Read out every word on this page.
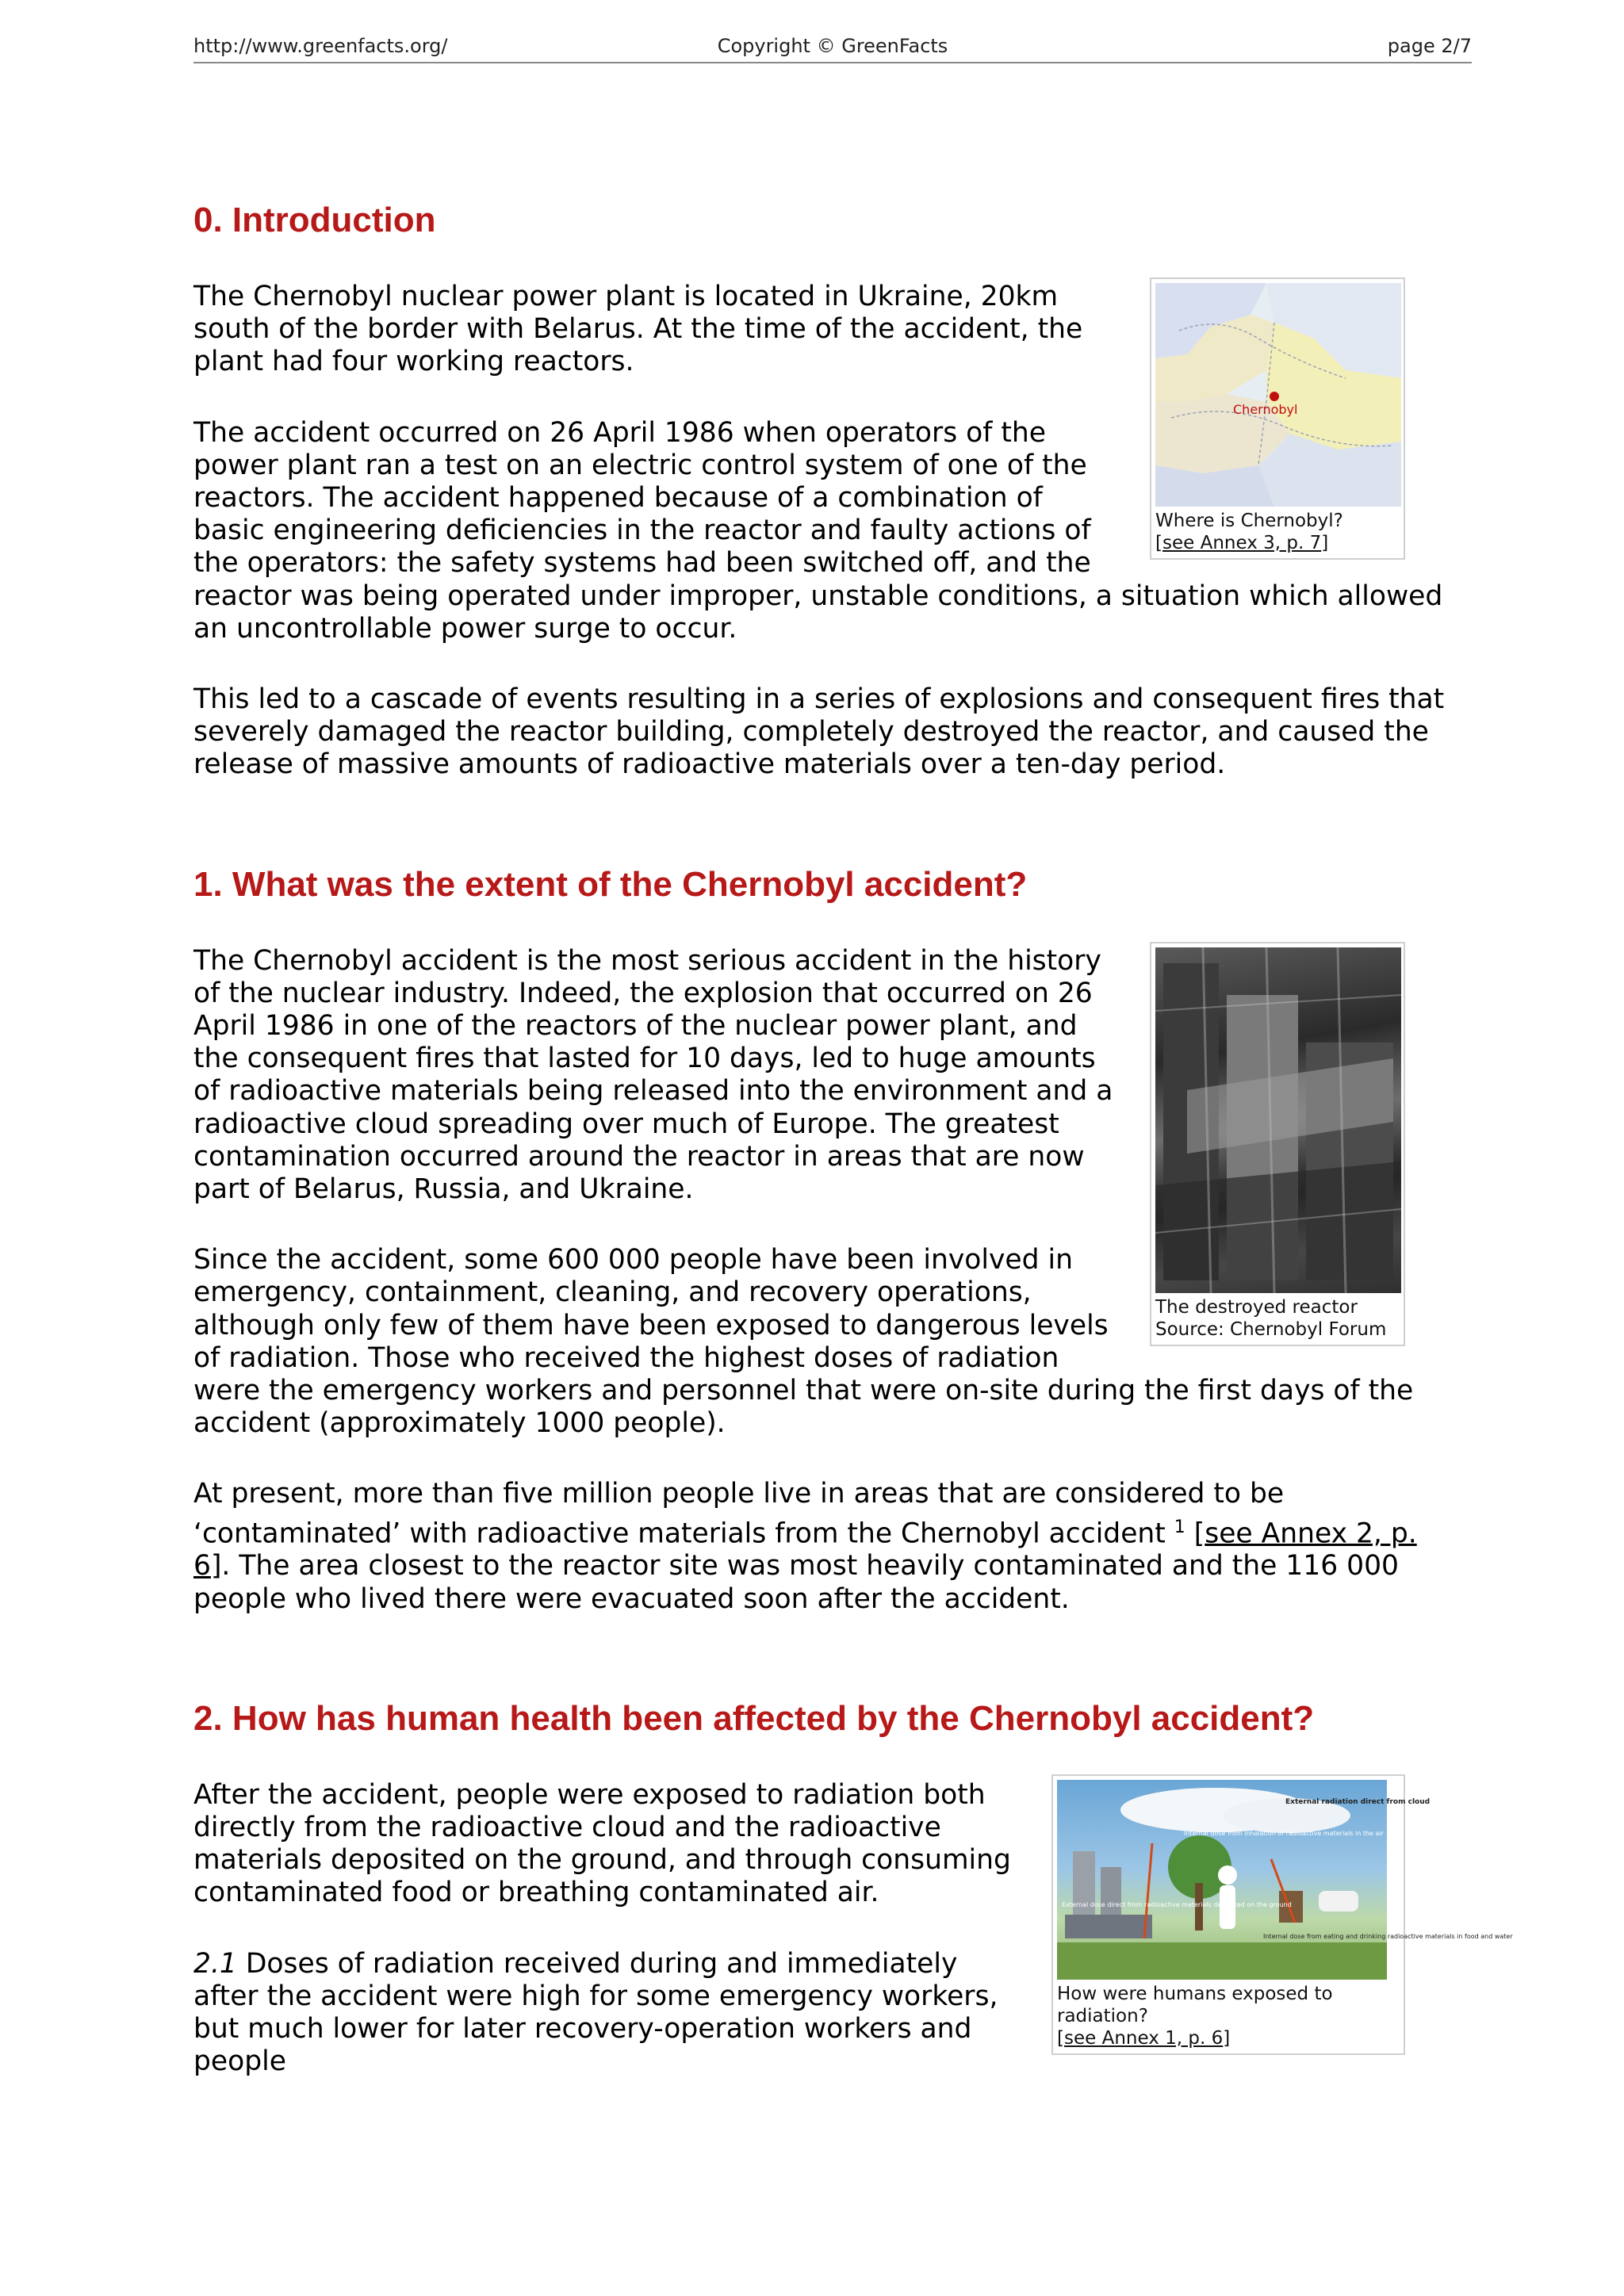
Copyright © GreenFacts
http://www.greenfacts.org/	page 2/7
0. Introduction
Chernobyl
Where is Chernobyl?
[see Annex 3, p. 7]

The Chernobyl nuclear power plant is located in Ukraine, 20km south of the border with Belarus. At the time of the accident, the plant had four working reactors.

The accident occurred on 26 April 1986 when operators of the power plant ran a test on an electric control system of one of the reactors. The accident happened because of a combination of basic engineering deficiencies in the reactor and faulty actions of the operators: the safety systems had been switched off, and the reactor was being operated under improper, unstable conditions, a situation which allowed an uncontrollable power surge to occur.

This led to a cascade of events resulting in a series of explosions and consequent fires that severely damaged the reactor building, completely destroyed the reactor, and caused the release of massive amounts of radioactive materials over a ten-day period.

1. What was the extent of the Chernobyl accident?
The destroyed reactor
Source: Chernobyl Forum

The Chernobyl accident is the most serious accident in the history of the nuclear industry. Indeed, the explosion that occurred on 26 April 1986 in one of the reactors of the nuclear power plant, and the consequent fires that lasted for 10 days, led to huge amounts of radioactive materials being released into the environment and a radioactive cloud spreading over much of Europe. The greatest contamination occurred around the reactor in areas that are now part of Belarus, Russia, and Ukraine.

Since the accident, some 600 000 people have been involved in emergency, containment, cleaning, and recovery operations, although only few of them have been exposed to dangerous levels of radiation. Those who received the highest doses of radiation were the emergency workers and personnel that were on-site during the first days of the accident (approximately 1000 people).

At present, more than five million people live in areas that are considered to be ‘contaminated’ with radioactive materials from the Chernobyl accident $^1$ [see Annex 2, p. 6]. The area closest to the reactor site was most heavily contaminated and the 116 000 people who lived there were evacuated soon after the accident.

2. How has human health been affected by the Chernobyl accident?
External radiation direct from cloud
Internal dose from inhalation of radioactive materials in the air
External dose direct from radioactive materials deposited on the ground
Internal dose from eating and drinking radioactive materials in food and water
How were humans exposed to radiation?
[see Annex 1, p. 6]

After the accident, people were exposed to radiation both directly from the radioactive cloud and the radioactive materials deposited on the ground, and through consuming contaminated food or breathing contaminated air.

2.1 Doses of radiation received during and immediately after the accident were high for some emergency workers, but much lower for later recovery-operation workers and people
